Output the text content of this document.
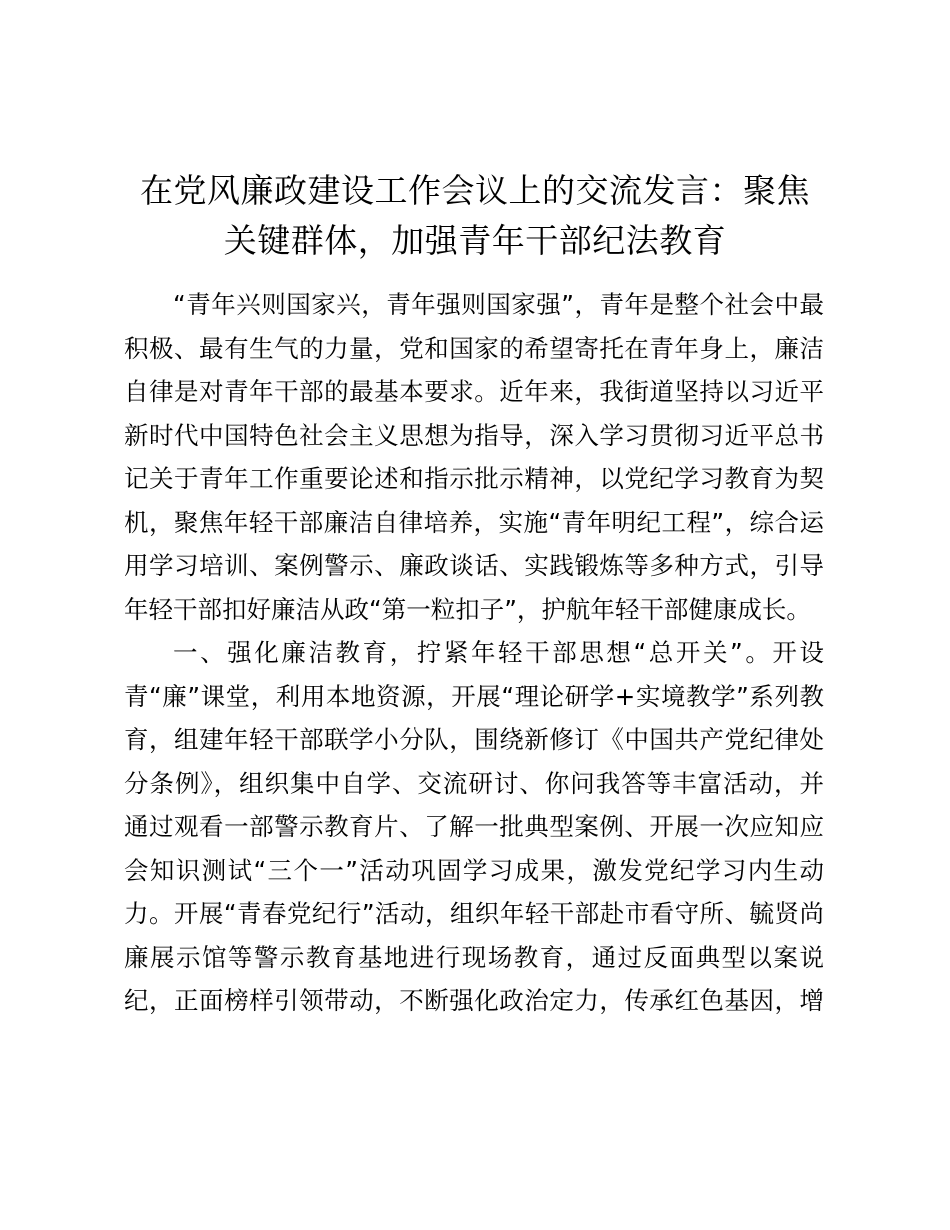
在党风廉政建设工作会议上的交流发言：聚焦
关键群体，加强青年干部纪法教育
“青年兴则国家兴，青年强则国家强”，青年是整个社会中最
积极、最有生气的力量，党和国家的希望寄托在青年身上，廉洁
自律是对青年干部的最基本要求。近年来，我街道坚持以习近平
新时代中国特色社会主义思想为指导，深入学习贯彻习近平总书
记关于青年工作重要论述和指示批示精神，以党纪学习教育为契
机，聚焦年轻干部廉洁自律培养，实施“青年明纪工程”，综合运
用学习培训、案例警示、廉政谈话、实践锻炼等多种方式，引导
年轻干部扣好廉洁从政“第一粒扣子”，护航年轻干部健康成长。
一、强化廉洁教育，拧紧年轻干部思想“总开关”。开设
青“廉”课堂，利用本地资源，开展“理论研学+实境教学”系列教
育，组建年轻干部联学小分队，围绕新修订《中国共产党纪律处
分条例》，组织集中自学、交流研讨、你问我答等丰富活动，并
通过观看一部警示教育片、了解一批典型案例、开展一次应知应
会知识测试“三个一”活动巩固学习成果，激发党纪学习内生动
力。开展“青春党纪行”活动，组织年轻干部赴市看守所、毓贤尚
廉展示馆等警示教育基地进行现场教育，通过反面典型以案说
纪，正面榜样引领带动，不断强化政治定力，传承红色基因，增
